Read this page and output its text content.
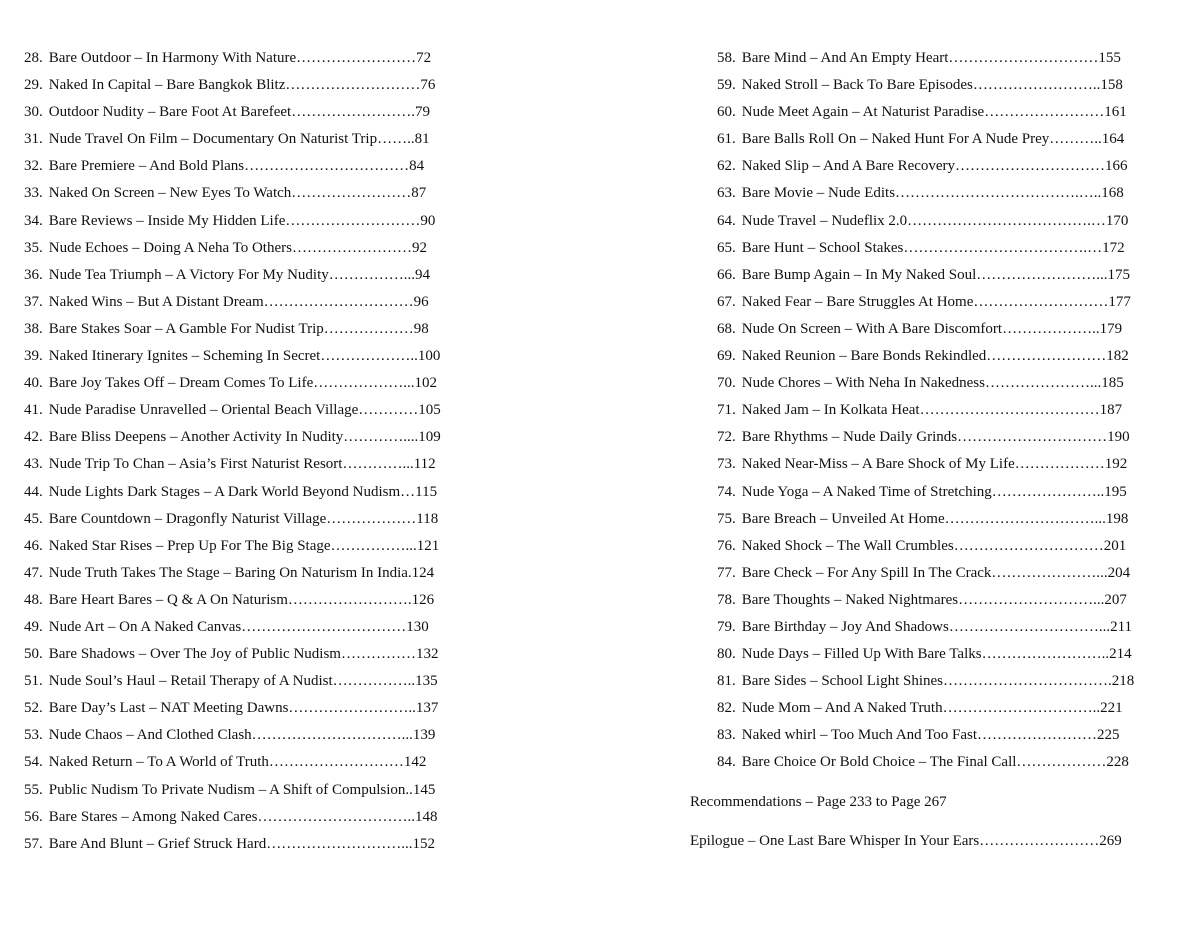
28. Bare Outdoor – In Harmony With Nature……………………72
29. Naked In Capital – Bare Bangkok Blitz………………………76
30. Outdoor Nudity – Bare Foot At Barefeet…………………….79
31. Nude Travel On Film – Documentary On Naturist Trip……..81
32. Bare Premiere – And Bold Plans……………………………84
33. Naked On Screen – New Eyes To Watch……………………87
34. Bare Reviews – Inside My Hidden Life………………………90
35. Nude Echoes – Doing A Neha To Others……………………92
36. Nude Tea Triumph – A Victory For My Nudity……………...94
37. Naked Wins – But A Distant Dream…………………………96
38. Bare Stakes Soar – A Gamble For Nudist Trip………………98
39. Naked Itinerary Ignites – Scheming In Secret………………..100
40. Bare Joy Takes Off – Dream Comes To Life………………...102
41. Nude Paradise Unravelled – Oriental Beach Village…………105
42. Bare Bliss Deepens – Another Activity In Nudity…………....109
43. Nude Trip To Chan – Asia’s First Naturist Resort…………...112
44. Nude Lights Dark Stages – A Dark World Beyond Nudism…115
45. Bare Countdown – Dragonfly Naturist Village………………118
46. Naked Star Rises – Prep Up For The Big Stage……………...121
47. Nude Truth Takes The Stage – Baring On Naturism In India.124
48. Bare Heart Bares – Q & A On Naturism…………………….126
49. Nude Art – On A Naked Canvas……………………………130
50. Bare Shadows – Over The Joy of Public Nudism……………132
51. Nude Soul’s Haul – Retail Therapy of A Nudist……………..135
52. Bare Day’s Last – NAT Meeting Dawns……………………..137
53. Nude Chaos – And Clothed Clash…………………………...139
54. Naked Return – To A World of Truth………………………142
55. Public Nudism To Private Nudism – A Shift of Compulsion..145
56. Bare Stares – Among Naked Cares…………………………..148
57. Bare And Blunt – Grief Struck Hard………………………...152
58. Bare Mind – And An Empty Heart…………………………155
59. Naked Stroll – Back To Bare Episodes……………………..158
60. Nude Meet Again – At Naturist Paradise……………………161
61. Bare Balls Roll On – Naked Hunt For A Nude Prey………..164
62. Naked Slip – And A Bare Recovery…………………………166
63. Bare Movie – Nude Edits……………………………….…..168
64. Nude Travel – Nudeflix 2.0……………………………….…170
65. Bare Hunt – School Stakes……………………………….…172
66. Bare Bump Again – In My Naked Soul……………………...175
67. Naked Fear – Bare Struggles At Home………………………177
68. Nude On Screen – With A Bare Discomfort………………..179
69. Naked Reunion – Bare Bonds Rekindled……………………182
70. Nude Chores – With Neha In Nakedness…………………...185
71. Naked Jam – In Kolkata Heat………………………………187
72. Bare Rhythms – Nude Daily Grinds…………………………190
73. Naked Near-Miss – A Bare Shock of My Life………………192
74. Nude Yoga – A Naked Time of Stretching…………………..195
75. Bare Breach – Unveiled At Home…………………………...198
76. Naked Shock – The Wall Crumbles…………………………201
77. Bare Check – For Any Spill In The Crack…………………...204
78. Bare Thoughts – Naked Nightmares………………………...207
79. Bare Birthday – Joy And Shadows…………………………...211
80. Nude Days – Filled Up With Bare Talks……………………..214
81. Bare Sides – School Light Shines…………………………….218
82. Nude Mom – And A Naked Truth…………………………..221
83. Naked whirl – Too Much And Too Fast……………………225
84. Bare Choice Or Bold Choice – The Final Call………………228
Recommendations – Page 233 to Page 267
Epilogue – One Last Bare Whisper In Your Ears……………………269
